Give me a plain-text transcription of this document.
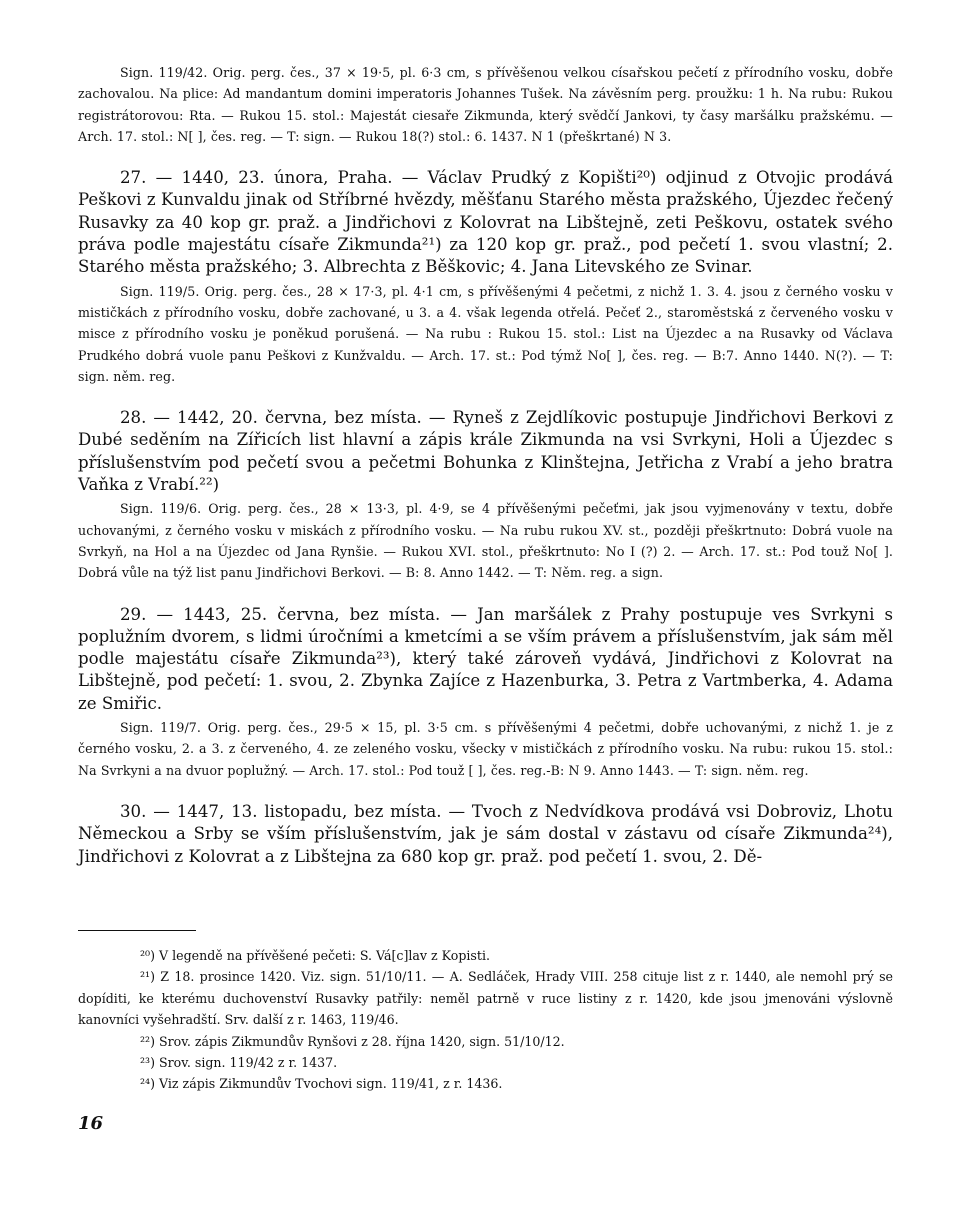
Sign. 119/42. Orig. perg. čes., 37 × 19·5, pl. 6·3 cm, s přívěšenou velkou císařskou pečetí z přírodního vosku, dobře zachovalou. Na plice: Ad mandantum domini imperatoris Johannes Tušek. Na závěsním perg. proužku: 1 h. Na rubu: Rukou registrátorovou: Rta. — Rukou 15. stol.: Majestát ciesaře Zikmunda, který svědčí Jankovi, ty časy maršálku pražskému. — Arch. 17. stol.: N[ ], čes. reg. — T: sign. — Rukou 18(?) stol.: 6. 1437. N 1 (přeškrtané) N 3.

27. — 1440, 23. února, Praha. — Václav Prudký z Kopišti²⁰) odjinud z Otvojic prodává Peškovi z Kunvaldu jinak od Stříbrné hvězdy, měšťanu Starého města pražského, Újezdec řečený Rusavky za 40 kop gr. praž. a Jindřichovi z Kolovrat na Libštejně, zeti Peškovu, ostatek svého práva podle majestátu císaře Zikmunda²¹) za 120 kop gr. praž., pod pečetí 1. svou vlastní; 2. Starého města pražského; 3. Albrechta z Běškovic; 4. Jana Litevského ze Svinar.

Sign. 119/5. Orig. perg. čes., 28 × 17·3, pl. 4·1 cm, s přívěšenými 4 pečetmi, z nichž 1. 3. 4. jsou z černého vosku v mističkách z přírodního vosku, dobře zachované, u 3. a 4. však legenda otřelá. Pečeť 2., staroměstská z červeného vosku v misce z přírodního vosku je poněkud porušená. — Na rubu : Rukou 15. stol.: List na Újezdec a na Rusavky od Václava Prudkého dobrá vuole panu Peškovi z Kunžvaldu. — Arch. 17. st.: Pod týmž No[ ], čes. reg. — B:7. Anno 1440. N(?). — T: sign. něm. reg.

28. — 1442, 20. června, bez místa. — Ryneš z Zejdlíkovic postupuje Jindřichovi Berkovi z Dubé seděním na Zířicích list hlavní a zápis krále Zikmunda na vsi Svrkyni, Holi a Újezdec s příslušenstvím pod pečetí svou a pečetmi Bohunka z Klinštejna, Jetřicha z Vrabí a jeho bratra Vaňka z Vrabí.²²)

Sign. 119/6. Orig. perg. čes., 28 × 13·3, pl. 4·9, se 4 přívěšenými pečeťmi, jak jsou vyjmenovány v textu, dobře uchovanými, z černého vosku v miskách z přírodního vosku. — Na rubu rukou XV. st., později přeškrtnuto: Dobrá vuole na Svrkyň, na Hol a na Újezdec od Jana Rynšie. — Rukou XVI. stol., přeškrtnuto: No I (?) 2. — Arch. 17. st.: Pod touž No[ ]. Dobrá vůle na týž list panu Jindřichovi Berkovi. — B: 8. Anno 1442. — T: Něm. reg. a sign.

29. — 1443, 25. června, bez místa. — Jan maršálek z Prahy postupuje ves Svrkyni s poplužním dvorem, s lidmi úročními a kmetcími a se vším právem a příslušenstvím, jak sám měl podle majestátu císaře Zikmunda²³), který také zároveň vydává, Jindřichovi z Kolovrat na Libštejně, pod pečetí: 1. svou, 2. Zbynka Zajíce z Hazenburka, 3. Petra z Vartmberka, 4. Adama ze Smiřic.

Sign. 119/7. Orig. perg. čes., 29·5 × 15, pl. 3·5 cm. s přívěšenými 4 pečetmi, dobře uchovanými, z nichž 1. je z černého vosku, 2. a 3. z červeného, 4. ze zeleného vosku, všecky v mističkách z přírodního vosku. Na rubu: rukou 15. stol.: Na Svrkyni a na dvuor poplužný. — Arch. 17. stol.: Pod touž [ ], čes. reg.-B: N 9. Anno 1443. — T: sign. něm. reg.

30. — 1447, 13. listopadu, bez místa. — Tvoch z Nedvídkova prodává vsi Dobroviz, Lhotu Německou a Srby se vším příslušenstvím, jak je sám dostal v zástavu od císaře Zikmunda²⁴), Jindřichovi z Kolovrat a z Libštejna za 680 kop gr. praž. pod pečetí 1. svou, 2. Dě-

²⁰) V legendě na přívěšené pečeti: S. Vá[c]lav z Kopisti.

²¹) Z 18. prosince 1420. Viz. sign. 51/10/11. — A. Sedláček, Hrady VIII. 258 cituje list z r. 1440, ale nemohl prý se dopíditi, ke kterému duchovenství Rusavky patřily: neměl patrně v ruce listiny z r. 1420, kde jsou jmenováni výslovně kanovníci vyšehradští. Srv. další z r. 1463, 119/46.

²²) Srov. zápis Zikmundův Rynšovi z 28. října 1420, sign. 51/10/12.

²³) Srov. sign. 119/42 z r. 1437.

²⁴) Viz zápis Zikmundův Tvochovi sign. 119/41, z r. 1436.

16
